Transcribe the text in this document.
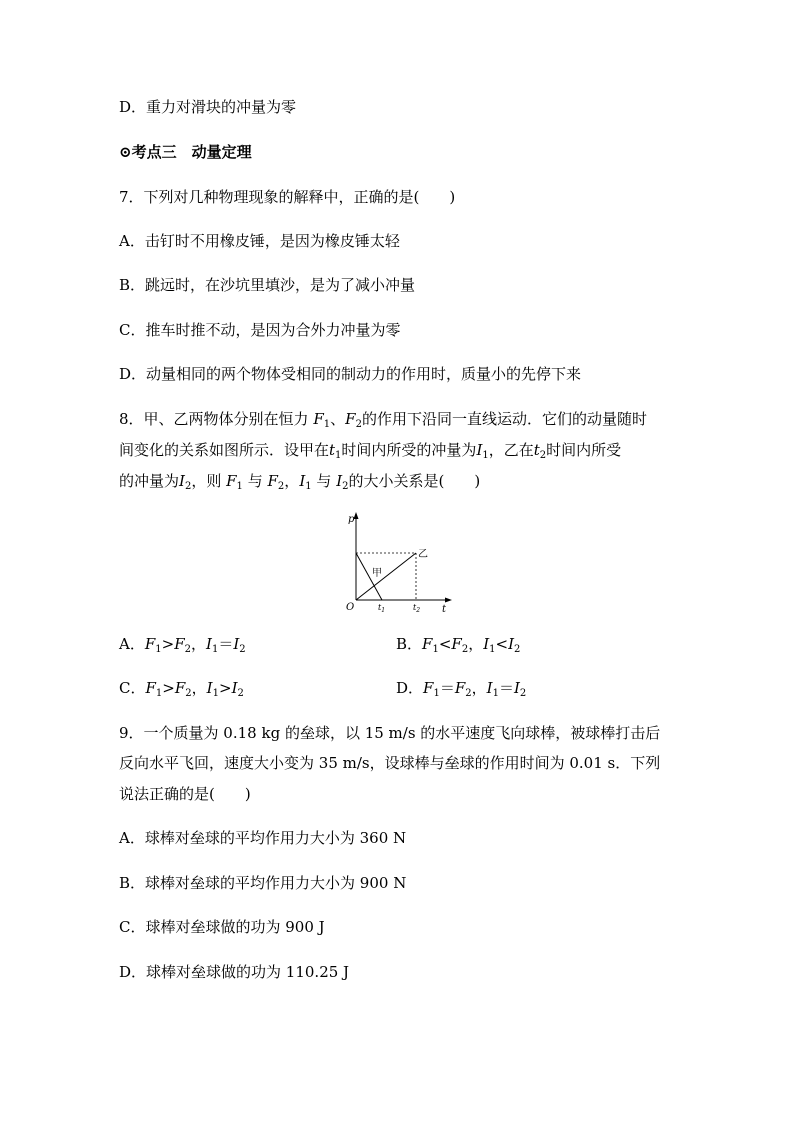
D．重力对滑块的冲量为零
⊙考点三　动量定理
7．下列对几种物理现象的解释中，正确的是(　　)
A．击钉时不用橡皮锤，是因为橡皮锤太轻
B．跳远时，在沙坑里填沙，是为了减小冲量
C．推车时推不动，是因为合外力冲量为零
D．动量相同的两个物体受相同的制动力的作用时，质量小的先停下来
8．甲、乙两物体分别在恒力 $F_1$、$F_2$的作用下沿同一直线运动．它们的动量随时
间变化的关系如图所示．设甲在$t_1$时间内所受的冲量为$I_1$，乙在$t_2$时间内所受
的冲量为$I_2$，则 $F_1$ 与 $F_2$，$I_1$ 与 $I_2$的大小关系是(　　)
p
t
O	$t_1$	$t_2$
甲
乙
A．$F_1>F_2$，$I_1=I_2$	B．$F_1<F_2$，$I_1<I_2$
C．$F_1>F_2$，$I_1>I_2$	D．$F_1=F_2$，$I_1=I_2$
9．一个质量为 0.18 kg 的垒球，以 15 m/s 的水平速度飞向球棒，被球棒打击后
反向水平飞回，速度大小变为 35 m/s，设球棒与垒球的作用时间为 0.01 s．下列
说法正确的是(　　)
A．球棒对垒球的平均作用力大小为 360 N
B．球棒对垒球的平均作用力大小为 900 N
C．球棒对垒球做的功为 900 J
D．球棒对垒球做的功为 110.25 J
